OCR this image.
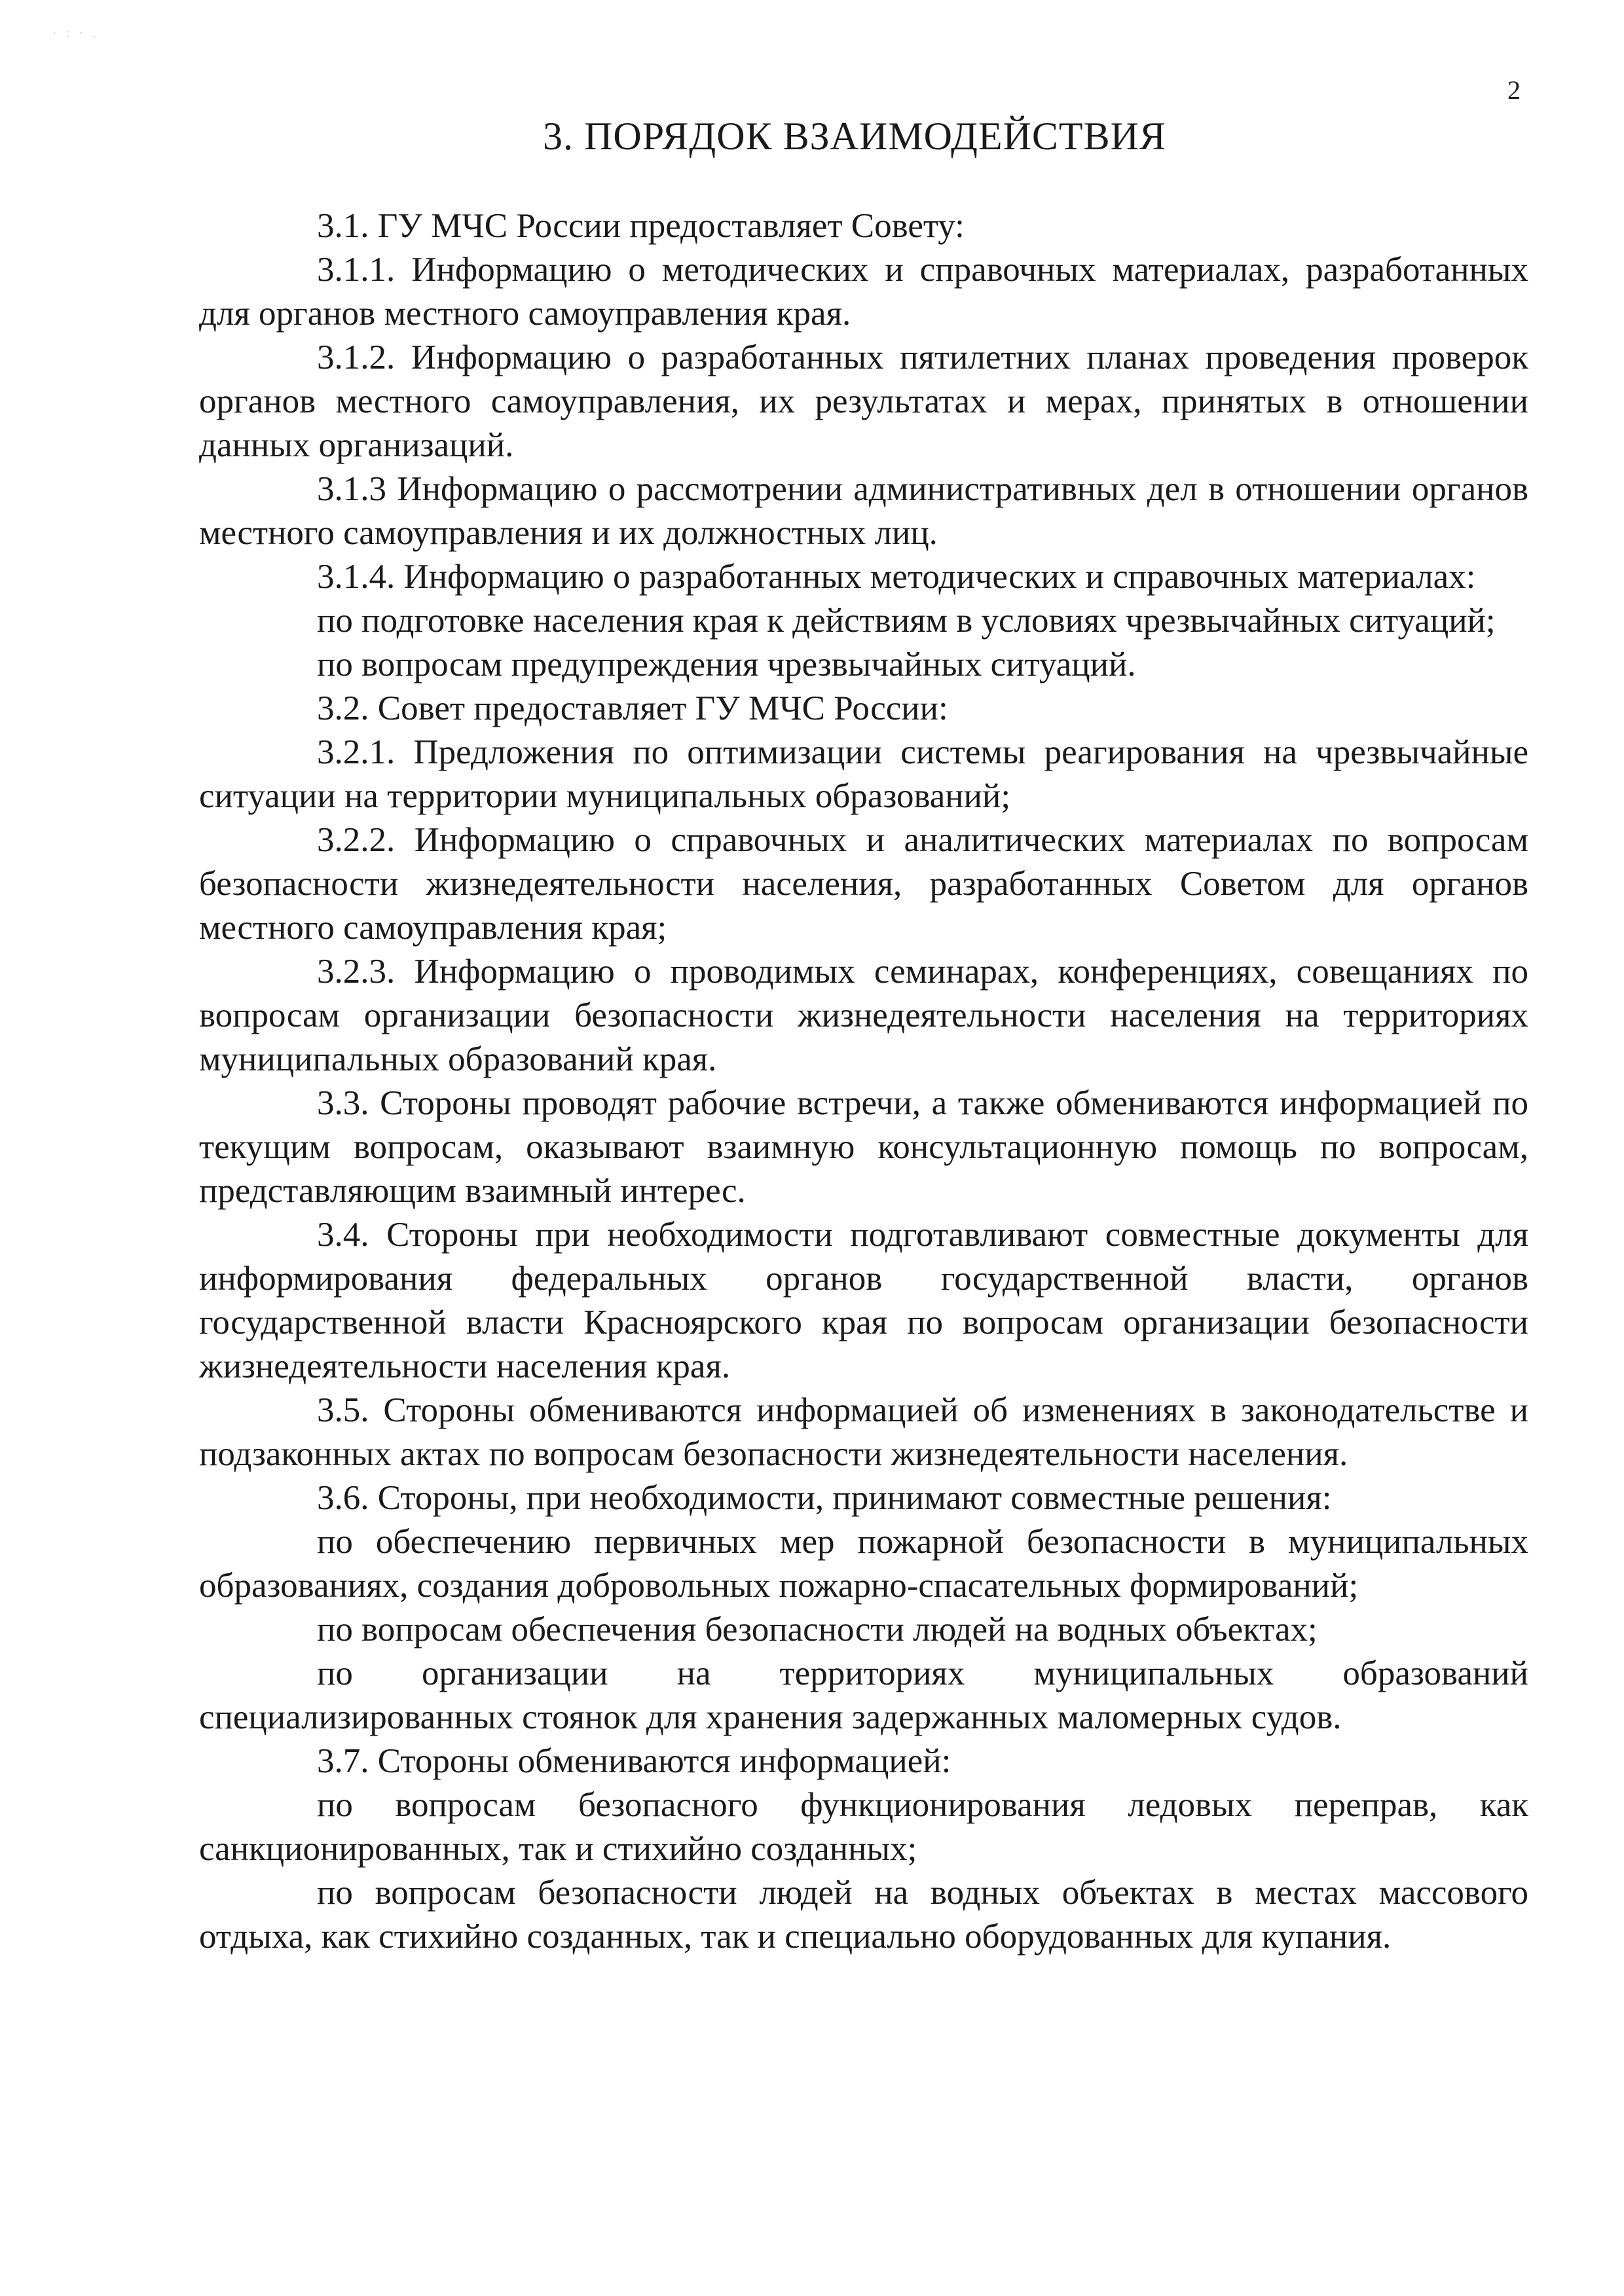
·:·.
2
3. ПОРЯДОК ВЗАИМОДЕЙСТВИЯ

3.1. ГУ МЧС России предоставляет Совету:

3.1.1. Информацию о методических и справочных материалах, разработанных для органов местного самоуправления края.

3.1.2. Информацию о разработанных пятилетних планах проведения проверок органов местного самоуправления, их результатах и мерах, принятых в отношении данных организаций.

3.1.3 Информацию о рассмотрении административных дел в отношении органов местного самоуправления и их должностных лиц.

3.1.4. Информацию о разработанных методических и справочных материалах:

по подготовке населения края к действиям в условиях чрезвычайных ситуаций;

по вопросам предупреждения чрезвычайных ситуаций.

3.2. Совет предоставляет ГУ МЧС России:

3.2.1. Предложения по оптимизации системы реагирования на чрезвычайные ситуации на территории муниципальных образований;

3.2.2. Информацию о справочных и аналитических материалах по вопросам безопасности жизнедеятельности населения, разработанных Советом для органов местного самоуправления края;

3.2.3. Информацию о проводимых семинарах, конференциях, совещаниях по вопросам организации безопасности жизнедеятельности населения на территориях муниципальных образований края.

3.3. Стороны проводят рабочие встречи, а также обмениваются информацией по текущим вопросам, оказывают взаимную консультационную помощь по вопросам, представляющим взаимный интерес.

3.4. Стороны при необходимости подготавливают совместные документы для информирования федеральных органов государственной власти, органов государственной власти Красноярского края по вопросам организации безопасности жизнедеятельности населения края.

3.5. Стороны обмениваются информацией об изменениях в законодательстве и подзаконных актах по вопросам безопасности жизнедеятельности населения.

3.6. Стороны, при необходимости, принимают совместные решения:

по обеспечению первичных мер пожарной безопасности в муниципальных образованиях, создания добровольных пожарно-спасательных формирований;

по вопросам обеспечения безопасности людей на водных объектах;

по организации на территориях муниципальных образований специализированных стоянок для хранения задержанных маломерных судов.

3.7. Стороны обмениваются информацией:

по вопросам безопасного функционирования ледовых переправ, как санкционированных, так и стихийно созданных;

по вопросам безопасности людей на водных объектах в местах массового отдыха, как стихийно созданных, так и специально оборудованных для купания.
